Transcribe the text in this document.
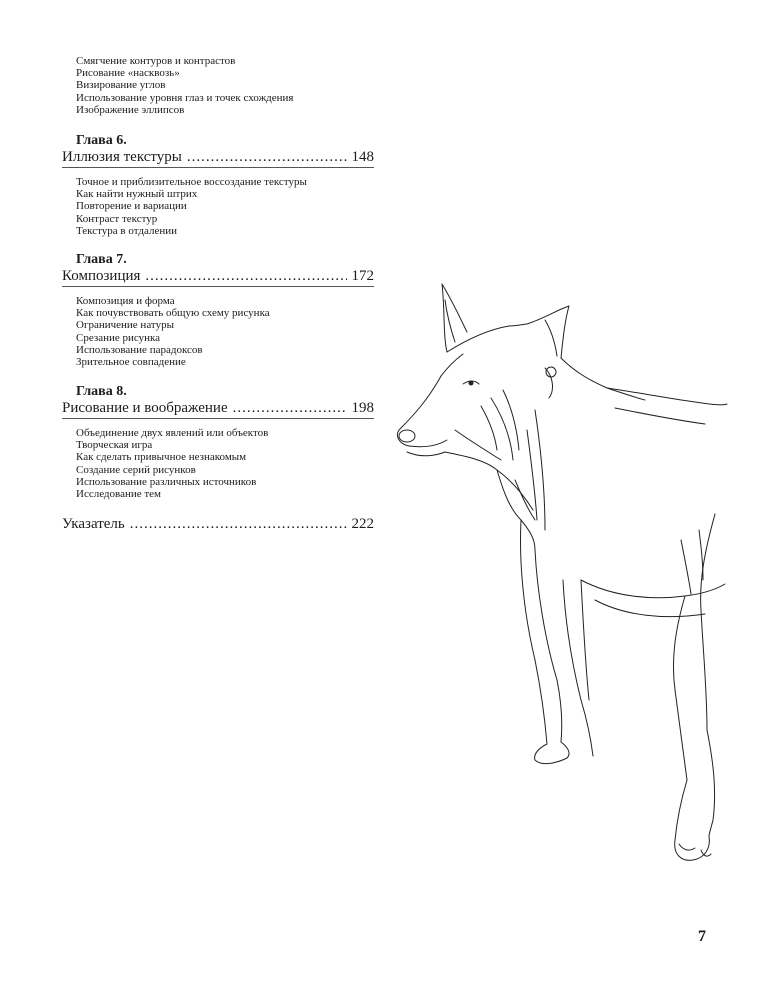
Смягчение контуров и контрастов
Рисование «насквозь»
Визирование углов
Использование уровня глаз и точек схождения
Изображение эллипсов
Глава 6.
Иллюзия текстуры .....	148
Точное и приблизительное воссоздание текстуры
Как найти нужный штрих
Повторение и вариации
Контраст текстур
Текстура в отдалении
Глава 7.
Композиция .....	172
Композиция и форма
Как почувствовать общую схему рисунка
Ограничение натуры
Срезание рисунка
Использование парадоксов
Зрительное совпадение
Глава 8.
Рисование и воображение .....	198
Объединение двух явлений или объектов
Творческая игра
Как сделать привычное незнакомым
Создание серий рисунков
Использование различных источников
Исследование тем
Указатель .....	222
7
